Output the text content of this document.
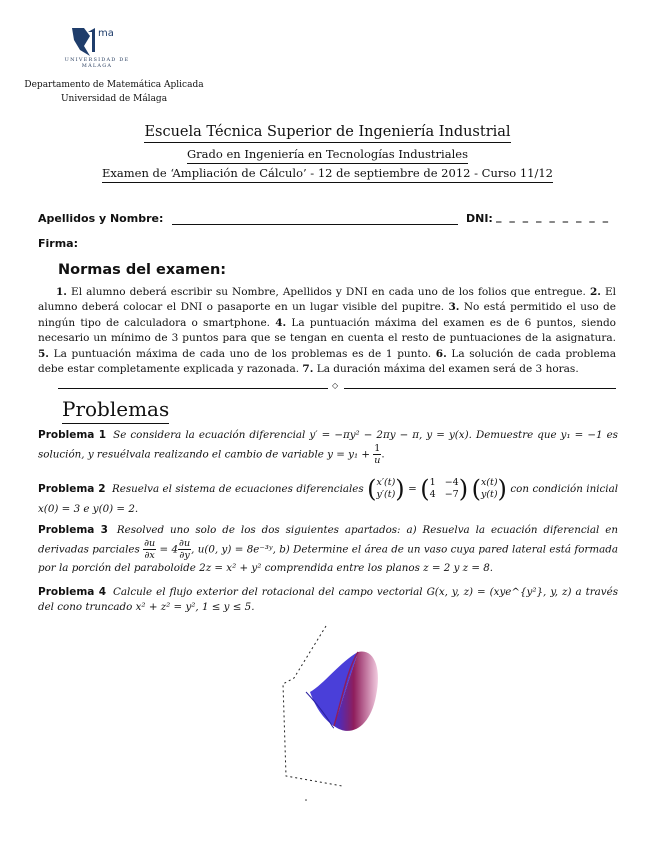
ma
UNIVERSIDAD DE MÁLAGA
Departamento de Matemática Aplicada
Universidad de Málaga
Escuela Técnica Superior de Ingeniería Industrial
Grado en Ingeniería en Tecnologías Industriales
Examen de ‘Ampliación de Cálculo’ - 12 de septiembre de 2012 - Curso 11/12
Apellidos y Nombre:	DNI: _ _ _ _ _ _ _ _ _
Firma:
Normas del examen:
1. El alumno deberá escribir su Nombre, Apellidos y DNI en cada uno de los folios que entregue. 2. El alumno deberá colocar el DNI o pasaporte en un lugar visible del pupitre. 3. No está permitido el uso de ningún tipo de calculadora o smartphone. 4. La puntuación máxima del examen es de 6 puntos, siendo necesario un mínimo de 3 puntos para que se tengan en cuenta el resto de puntuaciones de la asignatura. 5. La puntuación máxima de cada uno de los problemas es de 1 punto. 6. La solución de cada problema debe estar completamente explicada y razonada. 7. La duración máxima del examen será de 3 horas.
◇
Problemas
Problema 1 Se considera la ecuación diferencial y′ = −πy² − 2πy − π, y = y(x). Demuestre que y₁ = −1 es solución, y resuélvala realizando el cambio de variable $y = y_1 + \frac{1}{u}$ .
Problema 2 Resuelva el sistema de ecuaciones diferenciales (x′(t)
y′(t)) = (1   −4
4   −7) (x(t)
y(t)) con condición inicial x(0) = 3 e y(0) = 2.
Problema 3 Resolved uno solo de los dos siguientes apartados: a) Resuelva la ecuación diferencial en derivadas parciales $\frac{\partial u}{\partial x} = 4 \frac{\partial u}{\partial y}$ , u(0, y) = 8e⁻³ʸ, b) Determine el área de un vaso cuya pared lateral está formada por la porción del paraboloide 2z = x² + y² comprendida entre los planos z = 2 y z = 8.
Problema 4 Calcule el flujo exterior del rotacional del campo vectorial G(x, y, z) = (xye^{y²}, y, z) a través del cono truncado x² + z² = y², 1 ≤ y ≤ 5.
